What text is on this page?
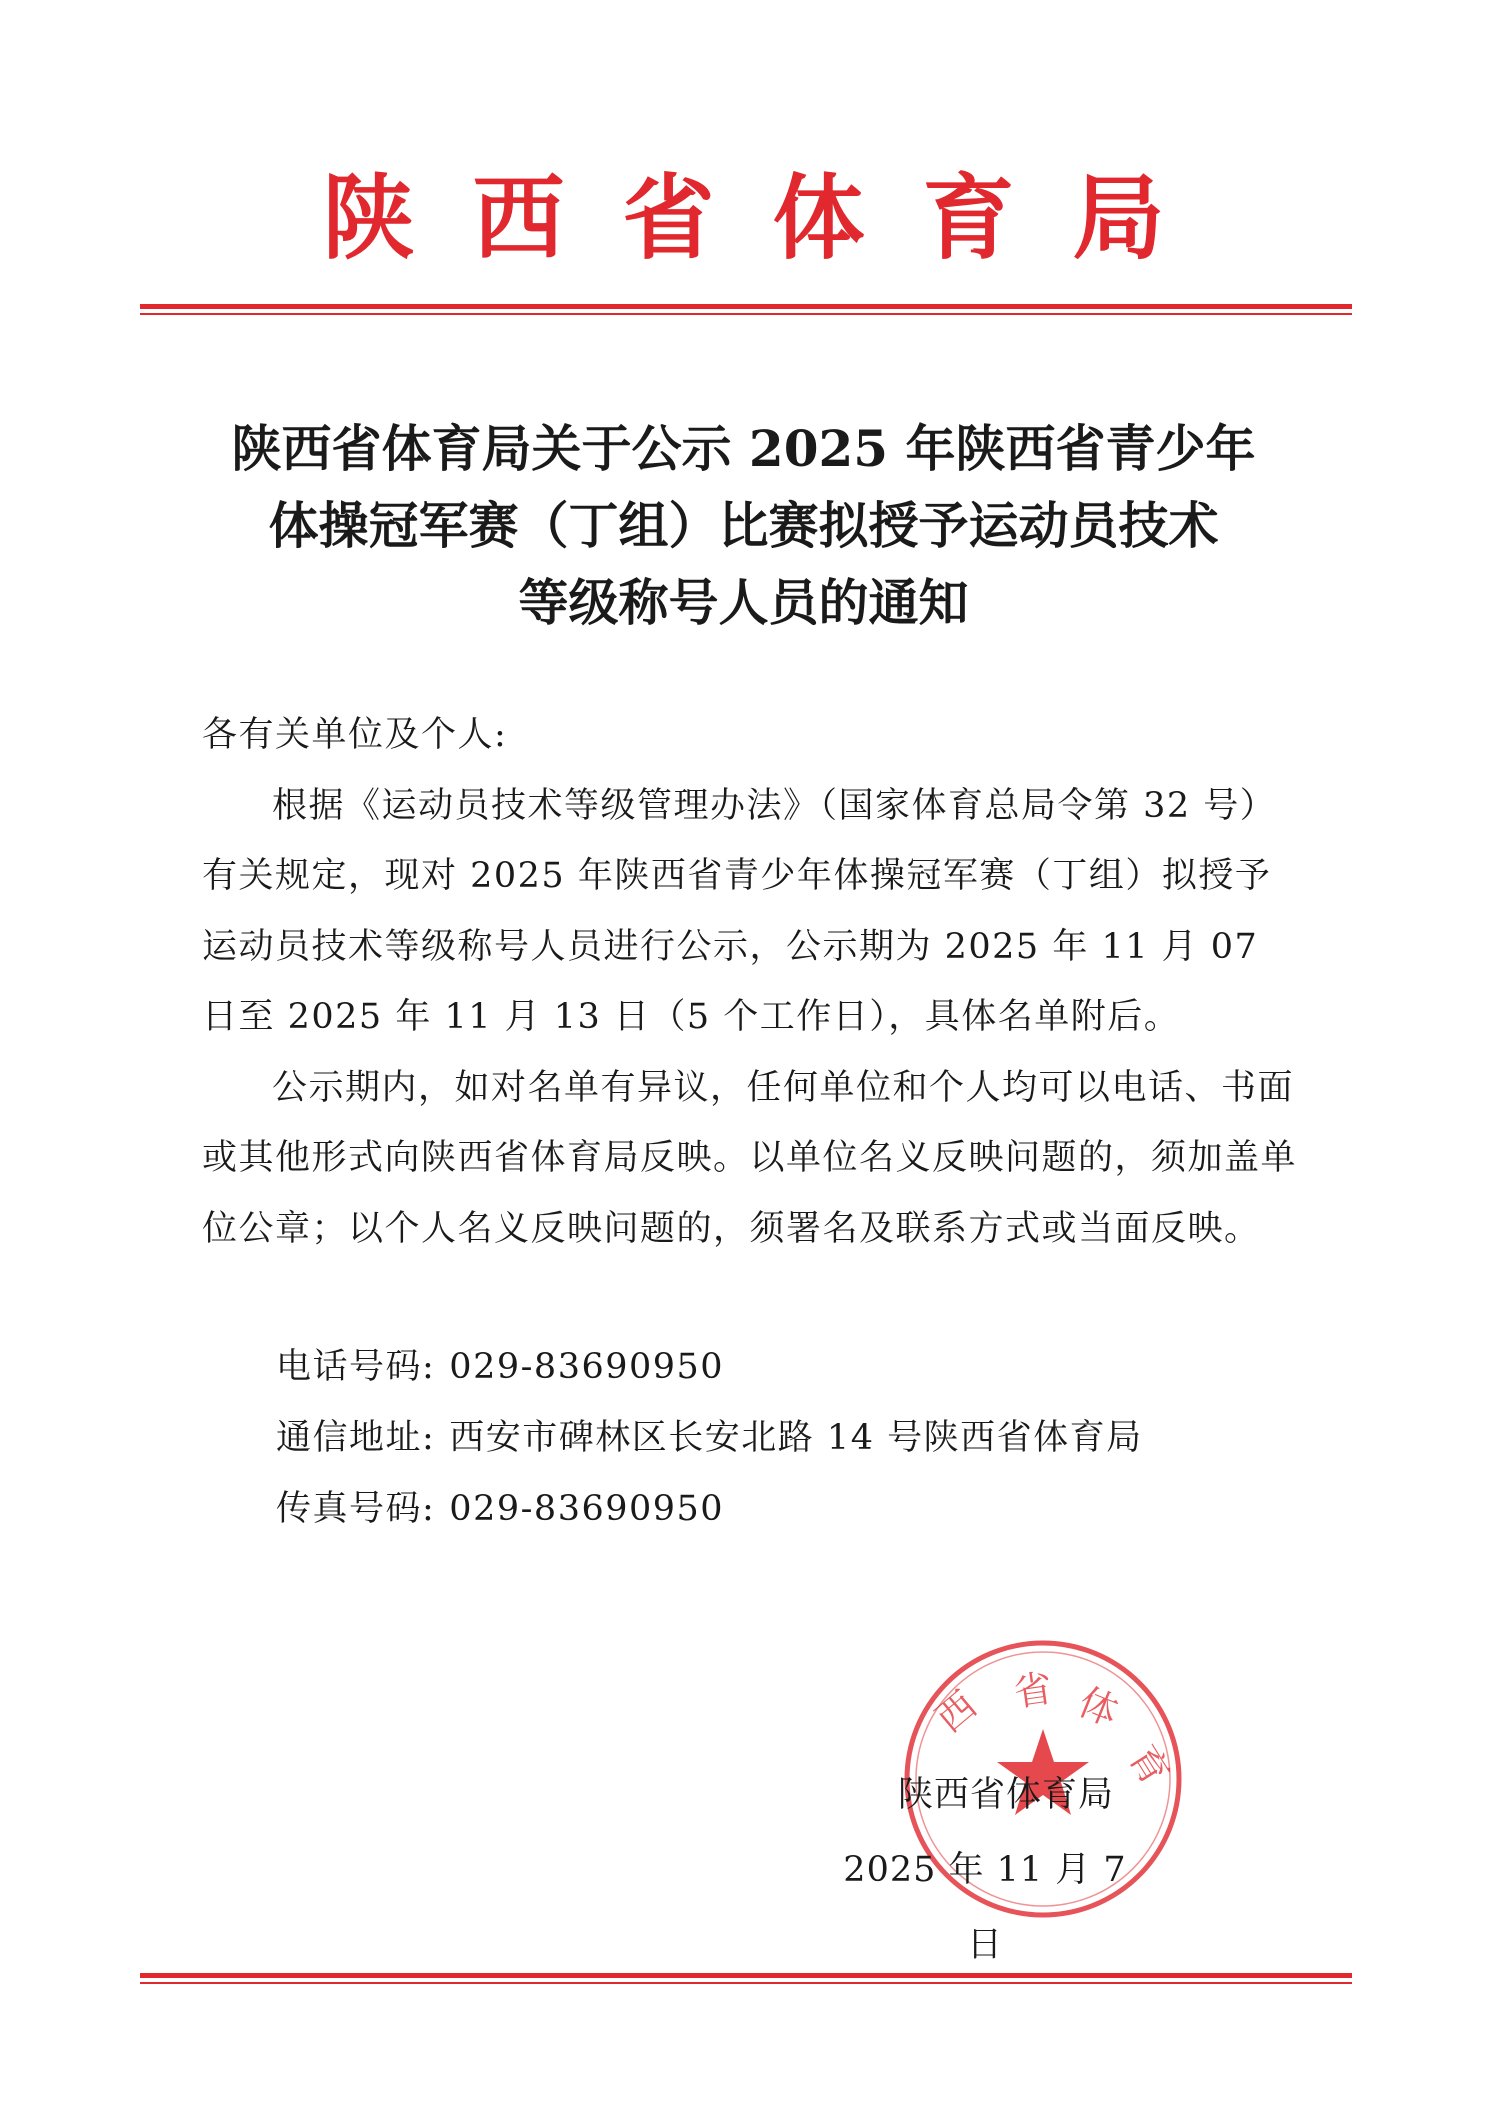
陕西省体育局
陕西省体育局关于公示 2025 年陕西省青少年
体操冠军赛（丁组）比赛拟授予运动员技术
等级称号人员的通知

各有关单位及个人:

根据《运动员技术等级管理办法》（国家体育总局令第 32 号）有关规定，现对 2025 年陕西省青少年体操冠军赛（丁组）拟授予运动员技术等级称号人员进行公示，公示期为 2025 年 11 月 07 日至 2025 年 11 月 13 日（5 个工作日），具体名单附后。

公示期内，如对名单有异议，任何单位和个人均可以电话、书面或其他形式向陕西省体育局反映。以单位名义反映问题的，须加盖单位公章；以个人名义反映问题的，须署名及联系方式或当面反映。

电话号码: 029-83690950
通信地址: 西安市碑林区长安北路 14 号陕西省体育局
传真号码: 029-83690950
省 体
育
西
陕西省体育局
2025 年 11 月 7 日
